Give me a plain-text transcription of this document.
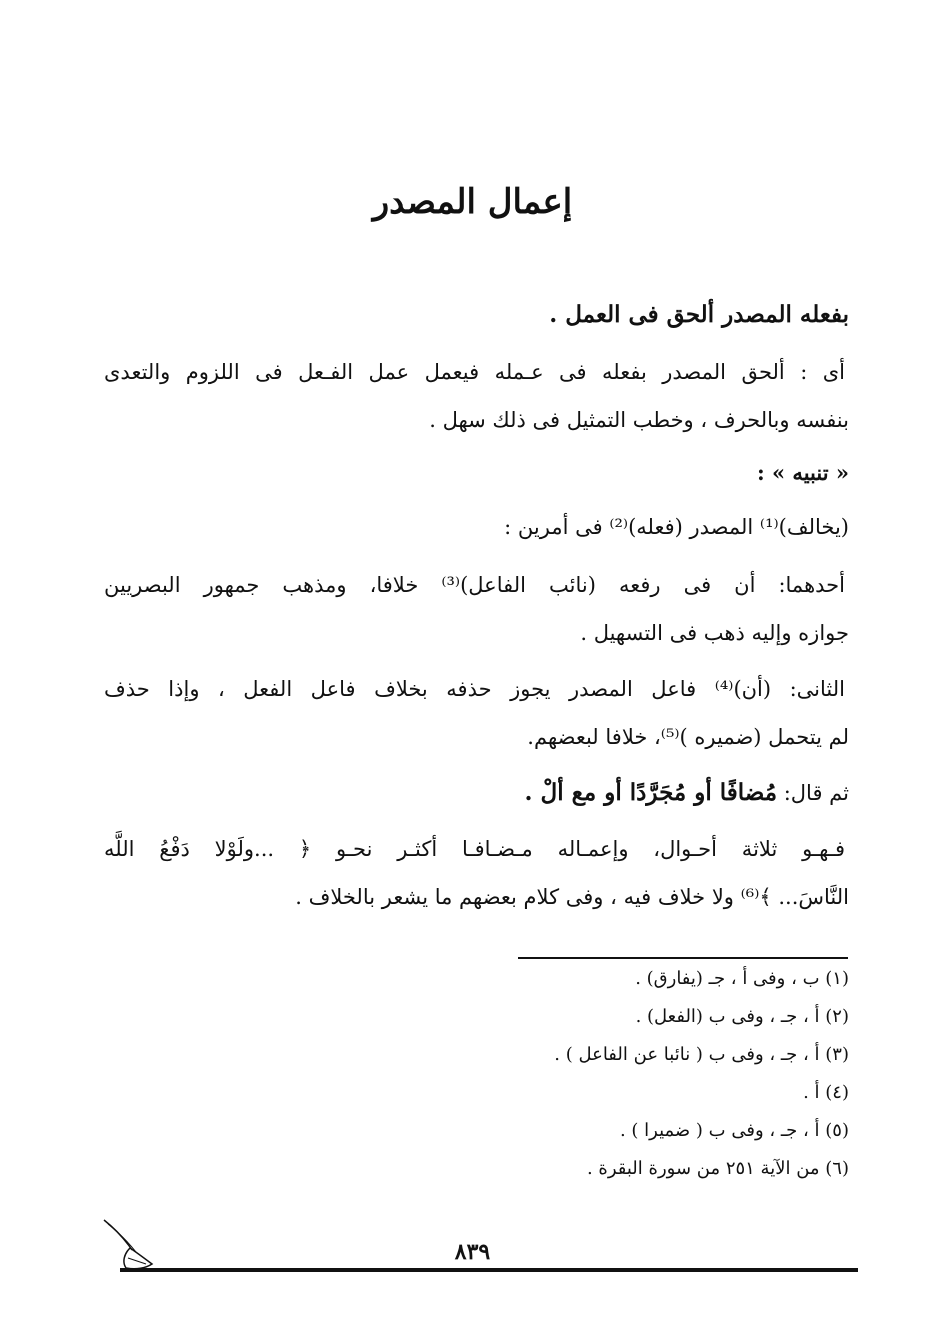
إعمال المصدر
بفعله المصدر ألحق فى العمل .
أى : ألحق المصدر بفعله فى عـمله فيعمل عمل الفـعل فى اللزوم والتعدى
بنفسه وبالحرف ، وخطب التمثيل فى ذلك سهل .
« تنبيه » :
(يخالف)⁽¹⁾ المصدر (فعله)⁽²⁾ فى أمرين :
أحدهما: أن فى رفعه (نائب الفاعل)⁽³⁾ خلافا، ومذهب جمهور البصريين
جوازه وإليه ذهب فى التسهيل .
الثانى: (أن)⁽⁴⁾ فاعل المصدر يجوز حذفه بخلاف فاعل الفعل ، وإذا حذف
لم يتحمل (ضميره )⁽⁵⁾، خلافا لبعضهم.
ثم قال: مُضافًا أو مُجَرَّدًا أو مع ألْ .
فـهـو ثلاثة أحـوال، وإعمـاله مـضـافـا أكثـر نحـو ﴿ ...ولَوْلا دَفْعُ اللَّه
النَّاسَ... ﴾⁽⁶⁾ ولا خلاف فيه ، وفى كلام بعضهم ما يشعر بالخلاف .
(١) ب ، وفى أ ، جـ (يفارق) .
(٢) أ ، جـ ، وفى ب (الفعل) .
(٣) أ ، جـ ، وفى ب ( نائبا عن الفاعل ) .
(٤) أ .
(٥) أ ، جـ ، وفى ب ( ضميرا ) .
(٦) من الآية ٢٥١ من سورة البقرة .
٨٣٩
